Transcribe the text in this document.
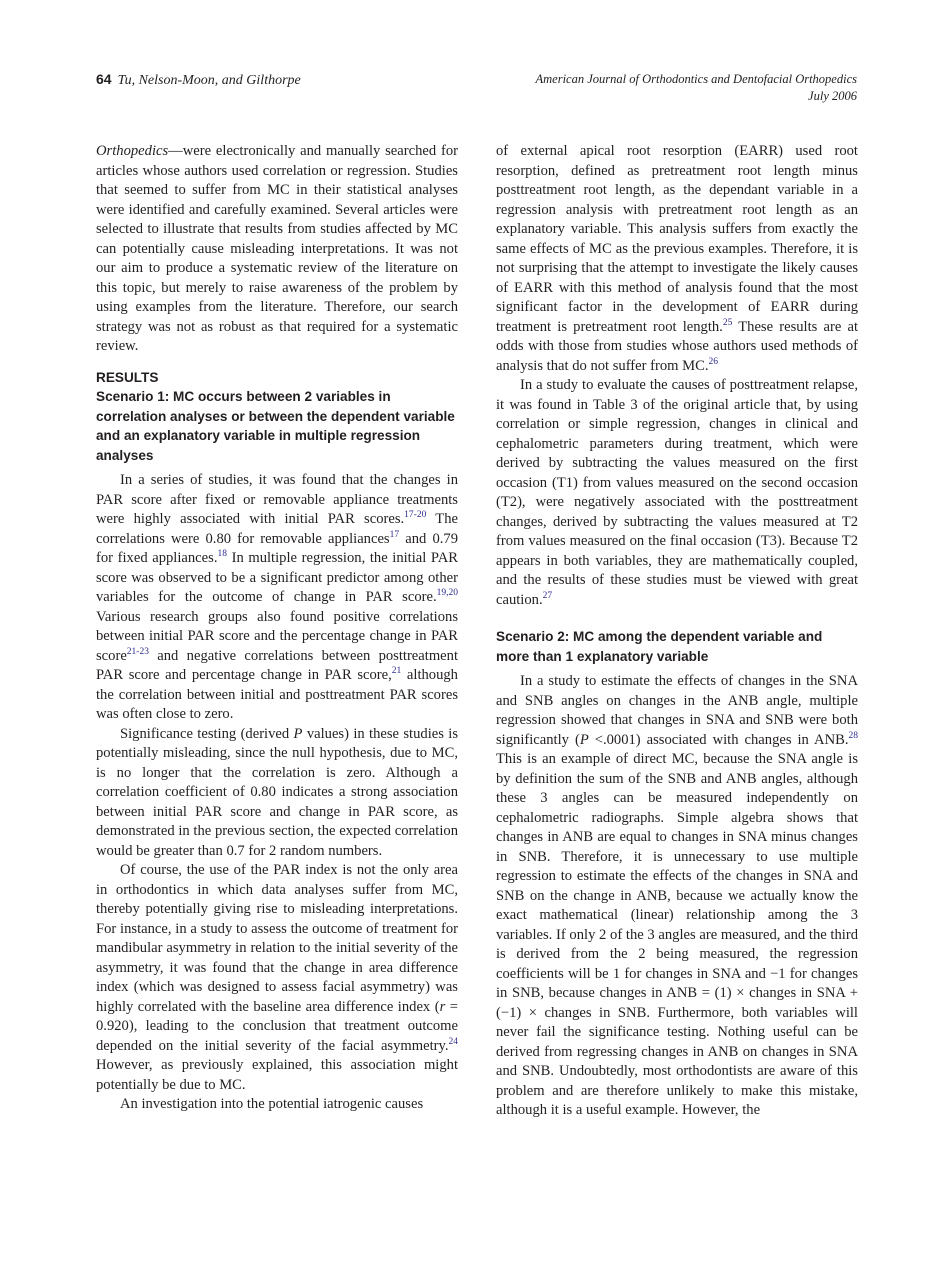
64 Tu, Nelson-Moon, and Gilthorpe	American Journal of Orthodontics and Dentofacial Orthopedics
July 2006

Orthopedics—were electronically and manually searched for articles whose authors used correlation or regression. Studies that seemed to suffer from MC in their statistical analyses were identified and carefully examined. Several articles were selected to illustrate that results from studies affected by MC can potentially cause misleading interpretations. It was not our aim to produce a systematic review of the literature on this topic, but merely to raise awareness of the problem by using examples from the literature. Therefore, our search strategy was not as robust as that required for a systematic review.

RESULTS
Scenario 1: MC occurs between 2 variables in correlation analyses or between the dependent variable and an explanatory variable in multiple regression analyses

In a series of studies, it was found that the changes in PAR score after fixed or removable appliance treatments were highly associated with initial PAR scores.$^{17-20}$ The correlations were 0.80 for removable appliances$^{17}$ and 0.79 for fixed appliances.$^{18}$ In multiple regression, the initial PAR score was observed to be a significant predictor among other variables for the outcome of change in PAR score.$^{19,20}$ Various research groups also found positive correlations between initial PAR score and the percentage change in PAR score$^{21-23}$ and negative correlations between posttreatment PAR score and percentage change in PAR score,$^{21}$ although the correlation between initial and posttreatment PAR scores was often close to zero.

Significance testing (derived P values) in these studies is potentially misleading, since the null hypothesis, due to MC, is no longer that the correlation is zero. Although a correlation coefficient of 0.80 indicates a strong association between initial PAR score and change in PAR score, as demonstrated in the previous section, the expected correlation would be greater than 0.7 for 2 random numbers.

Of course, the use of the PAR index is not the only area in orthodontics in which data analyses suffer from MC, thereby potentially giving rise to misleading interpretations. For instance, in a study to assess the outcome of treatment for mandibular asymmetry in relation to the initial severity of the asymmetry, it was found that the change in area difference index (which was designed to assess facial asymmetry) was highly correlated with the baseline area difference index (r = 0.920), leading to the conclusion that treatment outcome depended on the initial severity of the facial asymmetry.$^{24}$ However, as previously explained, this association might potentially be due to MC.

An investigation into the potential iatrogenic causes

of external apical root resorption (EARR) used root resorption, defined as pretreatment root length minus posttreatment root length, as the dependant variable in a regression analysis with pretreatment root length as an explanatory variable. This analysis suffers from exactly the same effects of MC as the previous examples. Therefore, it is not surprising that the attempt to investigate the likely causes of EARR with this method of analysis found that the most significant factor in the development of EARR during treatment is pretreatment root length.$^{25}$ These results are at odds with those from studies whose authors used methods of analysis that do not suffer from MC.$^{26}$

In a study to evaluate the causes of posttreatment relapse, it was found in Table 3 of the original article that, by using correlation or simple regression, changes in clinical and cephalometric parameters during treatment, which were derived by subtracting the values measured on the first occasion (T1) from values measured on the second occasion (T2), were negatively associated with the posttreatment changes, derived by subtracting the values measured at T2 from values measured on the final occasion (T3). Because T2 appears in both variables, they are mathematically coupled, and the results of these studies must be viewed with great caution.$^{27}$

Scenario 2: MC among the dependent variable and more than 1 explanatory variable

In a study to estimate the effects of changes in the SNA and SNB angles on changes in the ANB angle, multiple regression showed that changes in SNA and SNB were both significantly (P <.0001) associated with changes in ANB.$^{28}$ This is an example of direct MC, because the SNA angle is by definition the sum of the SNB and ANB angles, although these 3 angles can be measured independently on cephalometric radiographs. Simple algebra shows that changes in ANB are equal to changes in SNA minus changes in SNB. Therefore, it is unnecessary to use multiple regression to estimate the effects of the changes in SNA and SNB on the change in ANB, because we actually know the exact mathematical (linear) relationship among the 3 variables. If only 2 of the 3 angles are measured, and the third is derived from the 2 being measured, the regression coefficients will be 1 for changes in SNA and −1 for changes in SNB, because changes in ANB = (1) × changes in SNA + (−1) × changes in SNB. Furthermore, both variables will never fail the significance testing. Nothing useful can be derived from regressing changes in ANB on changes in SNA and SNB. Undoubtedly, most orthodontists are aware of this problem and are therefore unlikely to make this mistake, although it is a useful example. However, the
